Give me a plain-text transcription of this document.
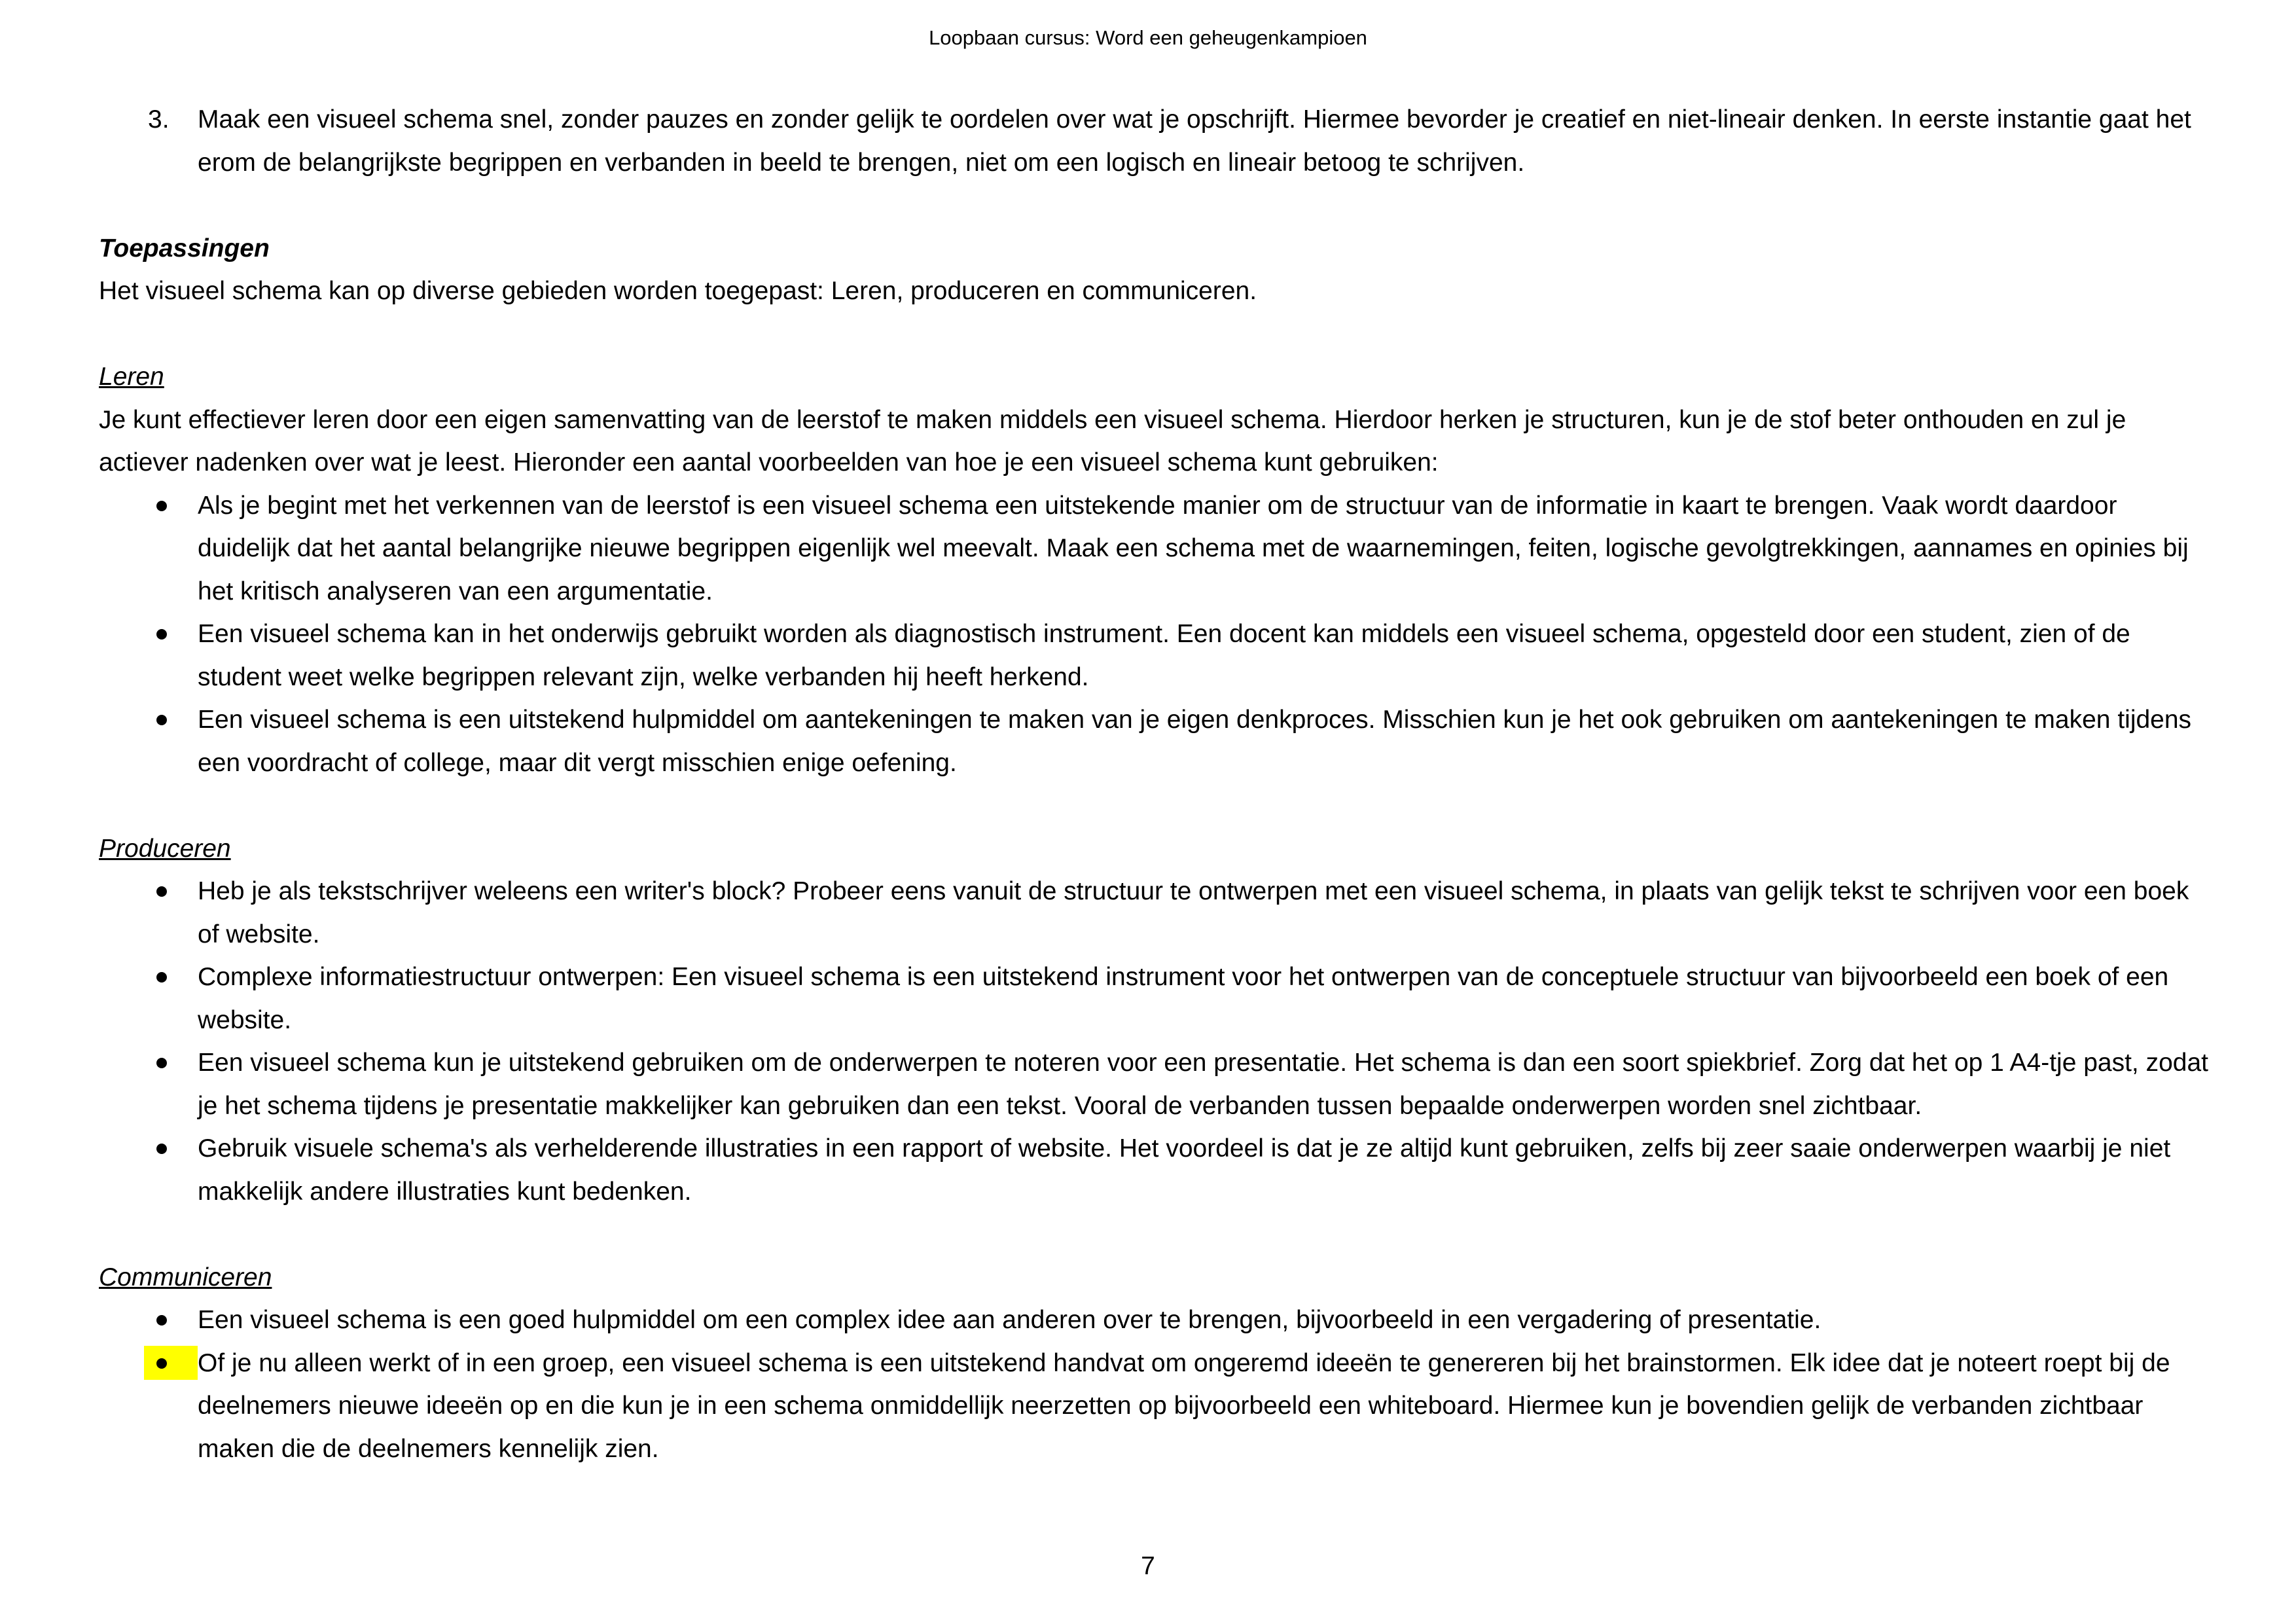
Loopbaan cursus: Word een geheugenkampioen
3. Maak een visueel schema snel, zonder pauzes en zonder gelijk te oordelen over wat je opschrijft. Hiermee bevorder je creatief en niet-lineair denken. In eerste instantie gaat het erom de belangrijkste begrippen en verbanden in beeld te brengen, niet om een logisch en lineair betoog te schrijven.

Toepassingen

Het visueel schema kan op diverse gebieden worden toegepast: Leren, produceren en communiceren.

Leren

Je kunt effectiever leren door een eigen samenvatting van de leerstof te maken middels een visueel schema. Hierdoor herken je structuren, kun je de stof beter onthouden en zul je actiever nadenken over wat je leest. Hieronder een aantal voorbeelden van hoe je een visueel schema kunt gebruiken:

Als je begint met het verkennen van de leerstof is een visueel schema een uitstekende manier om de structuur van de informatie in kaart te brengen. Vaak wordt daardoor duidelijk dat het aantal belangrijke nieuwe begrippen eigenlijk wel meevalt. Maak een schema met de waarnemingen, feiten, logische gevolgtrekkingen, aannames en opinies bij het kritisch analyseren van een argumentatie.

Een visueel schema kan in het onderwijs gebruikt worden als diagnostisch instrument. Een docent kan middels een visueel schema, opgesteld door een student, zien of de student weet welke begrippen relevant zijn, welke verbanden hij heeft herkend.

Een visueel schema is een uitstekend hulpmiddel om aantekeningen te maken van je eigen denkproces. Misschien kun je het ook gebruiken om aantekeningen te maken tijdens een voordracht of college, maar dit vergt misschien enige oefening.

Produceren

Heb je als tekstschrijver weleens een writer's block? Probeer eens vanuit de structuur te ontwerpen met een visueel schema, in plaats van gelijk tekst te schrijven voor een boek of website.

Complexe informatiestructuur ontwerpen: Een visueel schema is een uitstekend instrument voor het ontwerpen van de conceptuele structuur van bijvoorbeeld een boek of een website.

Een visueel schema kun je uitstekend gebruiken om de onderwerpen te noteren voor een presentatie. Het schema is dan een soort spiekbrief. Zorg dat het op 1 A4-tje past, zodat je het schema tijdens je presentatie makkelijker kan gebruiken dan een tekst. Vooral de verbanden tussen bepaalde onderwerpen worden snel zichtbaar.

Gebruik visuele schema's als verhelderende illustraties in een rapport of website. Het voordeel is dat je ze altijd kunt gebruiken, zelfs bij zeer saaie onderwerpen waarbij je niet makkelijk andere illustraties kunt bedenken.

Communiceren

Een visueel schema is een goed hulpmiddel om een complex idee aan anderen over te brengen, bijvoorbeeld in een vergadering of presentatie.

Of je nu alleen werkt of in een groep, een visueel schema is een uitstekend handvat om ongeremd ideeën te genereren bij het brainstormen. Elk idee dat je noteert roept bij de deelnemers nieuwe ideeën op en die kun je in een schema onmiddellijk neerzetten op bijvoorbeeld een whiteboard. Hiermee kun je bovendien gelijk de verbanden zichtbaar maken die de deelnemers kennelijk zien.

7
